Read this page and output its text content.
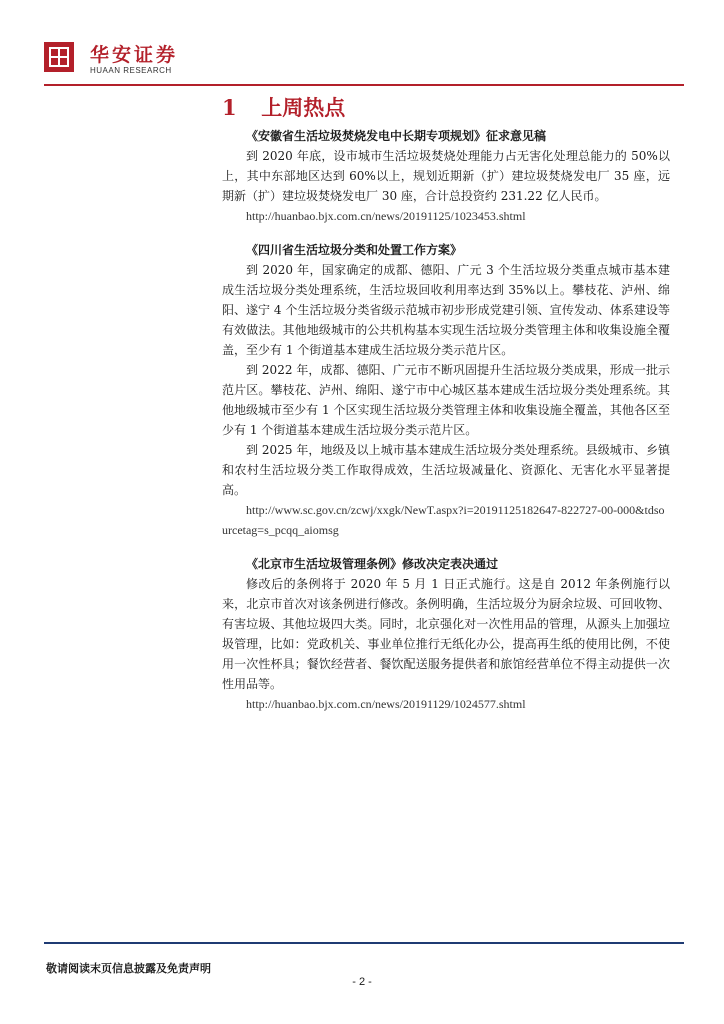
华安证券
HUAAN RESEARCH
1 上周热点

《安徽省生活垃圾焚烧发电中长期专项规划》征求意见稿

到 2020 年底，设市城市生活垃圾焚烧处理能力占无害化处理总能力的 50%以上，其中东部地区达到 60%以上，规划近期新（扩）建垃圾焚烧发电厂 35 座，远期新（扩）建垃圾焚烧发电厂 30 座，合计总投资约 231.22 亿人民币。

http://huanbao.bjx.com.cn/news/20191125/1023453.shtml

《四川省生活垃圾分类和处置工作方案》

到 2020 年，国家确定的成都、德阳、广元 3 个生活垃圾分类重点城市基本建成生活垃圾分类处理系统，生活垃圾回收利用率达到 35%以上。攀枝花、泸州、绵阳、遂宁 4 个生活垃圾分类省级示范城市初步形成党建引领、宣传发动、体系建设等有效做法。其他地级城市的公共机构基本实现生活垃圾分类管理主体和收集设施全覆盖，至少有 1 个街道基本建成生活垃圾分类示范片区。

到 2022 年，成都、德阳、广元市不断巩固提升生活垃圾分类成果，形成一批示范片区。攀枝花、泸州、绵阳、遂宁市中心城区基本建成生活垃圾分类处理系统。其他地级城市至少有 1 个区实现生活垃圾分类管理主体和收集设施全覆盖，其他各区至少有 1 个街道基本建成生活垃圾分类示范片区。

到 2025 年，地级及以上城市基本建成生活垃圾分类处理系统。县级城市、乡镇和农村生活垃圾分类工作取得成效，生活垃圾减量化、资源化、无害化水平显著提高。

http://www.sc.gov.cn/zcwj/xxgk/NewT.aspx?i=20191125182647-822727-00-000&tdsourcetag=s_pcqq_aiomsg

《北京市生活垃圾管理条例》修改决定表决通过

修改后的条例将于 2020 年 5 月 1 日正式施行。这是自 2012 年条例施行以来，北京市首次对该条例进行修改。条例明确，生活垃圾分为厨余垃圾、可回收物、有害垃圾、其他垃圾四大类。同时，北京强化对一次性用品的管理，从源头上加强垃圾管理，比如：党政机关、事业单位推行无纸化办公，提高再生纸的使用比例，不使用一次性杯具；餐饮经营者、餐饮配送服务提供者和旅馆经营单位不得主动提供一次性用品等。

http://huanbao.bjx.com.cn/news/20191129/1024577.shtml

敬请阅读末页信息披露及免责声明
- 2 -
